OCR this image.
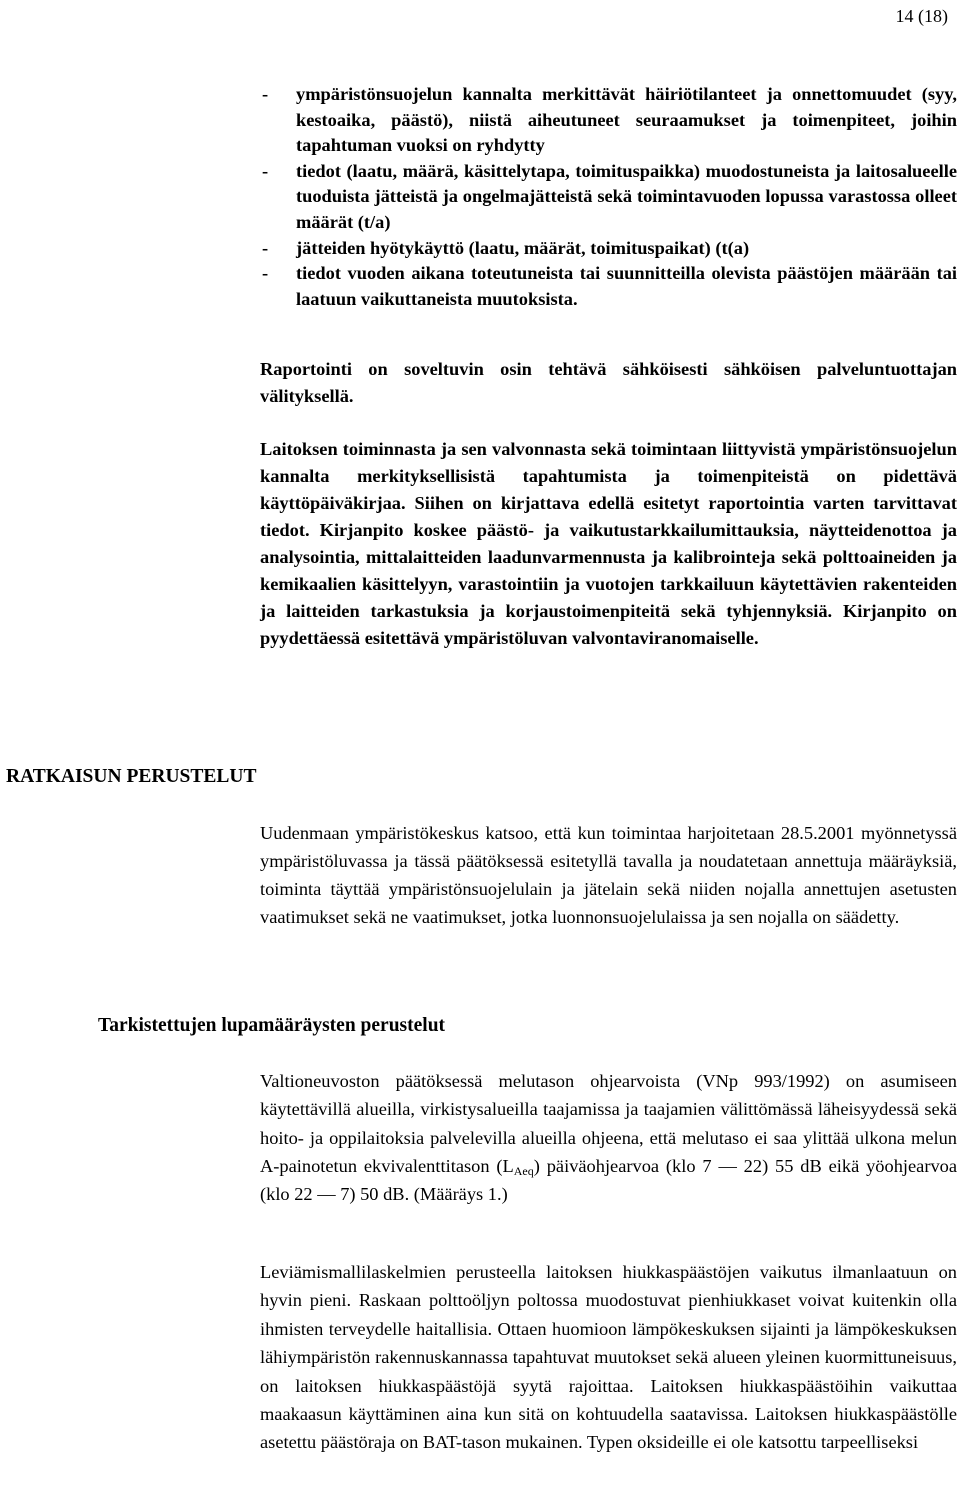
14 (18)
- ympäristönsuojelun kannalta merkittävät häiriötilanteet ja onnettomuudet (syy, kestoaika, päästö), niistä aiheutuneet seuraamukset ja toimenpiteet, joihin tapahtuman vuoksi on ryhdytty
- tiedot (laatu, määrä, käsittelytapa, toimituspaikka) muodostuneista ja laitosalueelle tuoduista jätteistä ja ongelmajätteistä sekä toimintavuoden lopussa varastossa olleet määrät (t/a)
- jätteiden hyötykäyttö (laatu, määrät, toimituspaikat) (t(a)
- tiedot vuoden aikana toteutuneista tai suunnitteilla olevista päästöjen määrään tai laatuun vaikuttaneista muutoksista.

Raportointi on soveltuvin osin tehtävä sähköisesti sähköisen palveluntuottajan välityksellä.

Laitoksen toiminnasta ja sen valvonnasta sekä toimintaan liittyvistä ympäristönsuojelun kannalta merkityksellisistä tapahtumista ja toimenpiteistä on pidettävä käyttöpäiväkirjaa. Siihen on kirjattava edellä esitetyt raportointia varten tarvittavat tiedot. Kirjanpito koskee päästö- ja vaikutustarkkailumittauksia, näytteidenottoa ja analysointia, mittalaitteiden laadunvarmennusta ja kalibrointeja sekä polttoaineiden ja kemikaalien käsittelyyn, varastointiin ja vuotojen tarkkailuun käytettävien rakenteiden ja laitteiden tarkastuksia ja korjaustoimenpiteitä sekä tyhjennyksiä. Kirjanpito on pyydettäessä esitettävä ympäristöluvan valvontaviranomaiselle.

RATKAISUN PERUSTELUT

Uudenmaan ympäristökeskus katsoo, että kun toimintaa harjoitetaan 28.5.2001 myönnetyssä ympäristöluvassa ja tässä päätöksessä esitetyllä tavalla ja noudatetaan annettuja määräyksiä, toiminta täyttää ympäristönsuojelulain ja jätelain sekä niiden nojalla annettujen asetusten vaatimukset sekä ne vaatimukset, jotka luonnonsuojelulaissa ja sen nojalla on säädetty.

Tarkistettujen lupamääräysten perustelut

Valtioneuvoston päätöksessä melutason ohjearvoista (VNp 993/1992) on asumiseen käytettävillä alueilla, virkistysalueilla taajamissa ja taajamien välittömässä läheisyydessä sekä hoito- ja oppilaitoksia palvelevilla alueilla ohjeena, että melutaso ei saa ylittää ulkona melun A-painotetun ekvivalenttitason $(L_{Aeq})$ päiväohjearvoa (klo 7 — 22) 55 dB eikä yöohjearvoa (klo 22 — 7) 50 dB. (Määräys 1.)

Leviämismallilaskelmien perusteella laitoksen hiukkaspäästöjen vaikutus ilmanlaatuun on hyvin pieni. Raskaan polttoöljyn poltossa muodostuvat pienhiukkaset voivat kuitenkin olla ihmisten terveydelle haitallisia. Ottaen huomioon lämpökeskuksen sijainti ja lämpökeskuksen lähiympäristön rakennuskannassa tapahtuvat muutokset sekä alueen yleinen kuormittuneisuus, on laitoksen hiukkaspäästöjä syytä rajoittaa. Laitoksen hiukkaspäästöihin vaikuttaa maakaasun käyttäminen aina kun sitä on kohtuudella saatavissa. Laitoksen hiukkaspäästölle asetettu päästöraja on BAT-tason mukainen. Typen oksideille ei ole katsottu tarpeelliseksi
